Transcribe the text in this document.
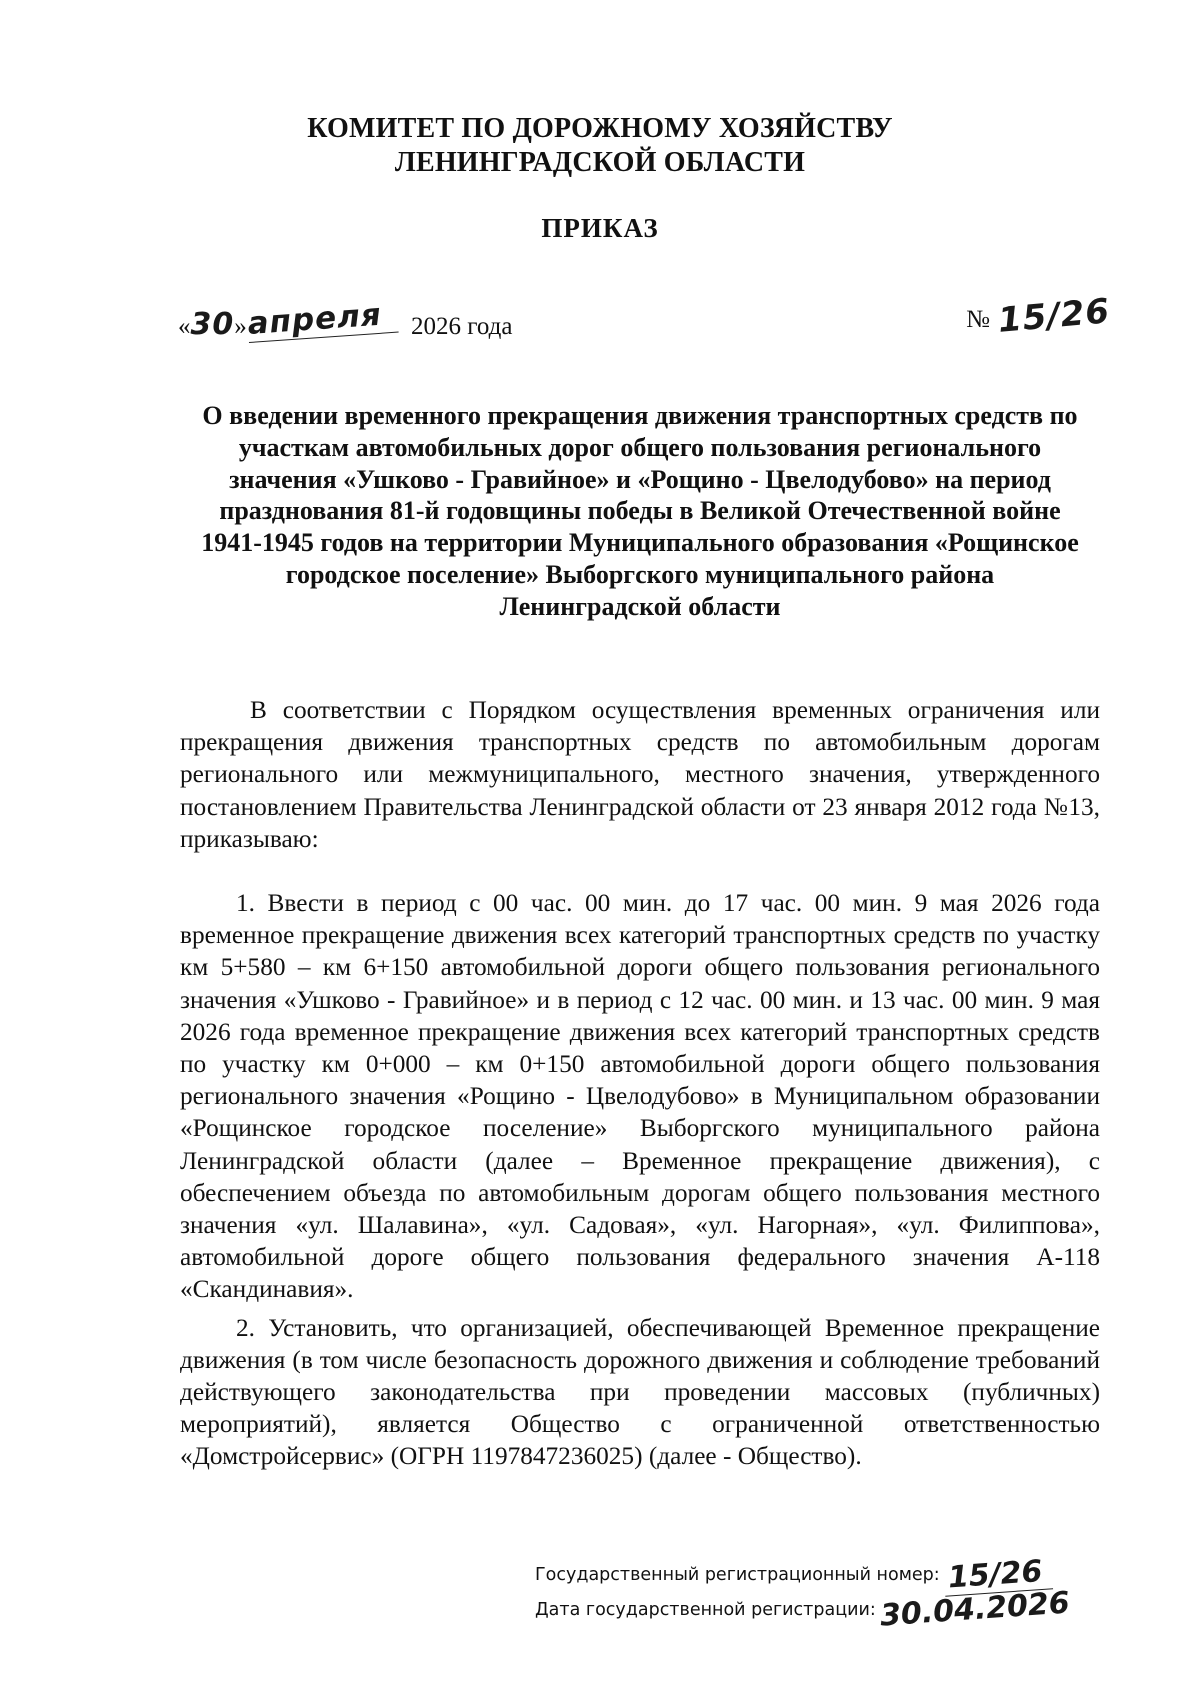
КОМИТЕТ ПО ДОРОЖНОМУ ХОЗЯЙСТВУ
ЛЕНИНГРАДСКОЙ ОБЛАСТИ
ПРИКАЗ
«30»апреля 2026 года	№ 15/26
О введении временного прекращения движения транспортных средств по участкам автомобильных дорог общего пользования регионального значения «Ушково - Гравийное» и «Рощино - Цвелодубово» на период празднования 81-й годовщины победы в Великой Отечественной войне 1941-1945 годов на территории Муниципального образования «Рощинское городское поселение» Выборгского муниципального района Ленинградской области

В соответствии с Порядком осуществления временных ограничения или прекращения движения транспортных средств по автомобильным дорогам регионального или межмуниципального, местного значения, утвержденного постановлением Правительства Ленинградской области от 23 января 2012 года №13, приказываю:

1. Ввести в период с 00 час. 00 мин. до 17 час. 00 мин. 9 мая 2026 года временное прекращение движения всех категорий транспортных средств по участку км 5+580 – км 6+150 автомобильной дороги общего пользования регионального значения «Ушково - Гравийное» и в период с 12 час. 00 мин. и 13 час. 00 мин. 9 мая 2026 года временное прекращение движения всех категорий транспортных средств по участку км 0+000 – км 0+150 автомобильной дороги общего пользования регионального значения «Рощино - Цвелодубово» в Муниципальном образовании «Рощинское городское поселение» Выборгского муниципального района Ленинградской области (далее – Временное прекращение движения), с обеспечением объезда по автомобильным дорогам общего пользования местного значения «ул. Шалавина», «ул. Садовая», «ул. Нагорная», «ул. Филиппова», автомобильной дороге общего пользования федерального значения А-118 «Скандинавия».

2. Установить, что организацией, обеспечивающей Временное прекращение движения (в том числе безопасность дорожного движения и соблюдение требований действующего законодательства при проведении массовых (публичных) мероприятий), является Общество с ограниченной ответственностью «Домстройсервис» (ОГРН 1197847236025) (далее - Общество).

Государственный регистрационный номер: 15/26
Дата государственной регистрации:30.04.2026
